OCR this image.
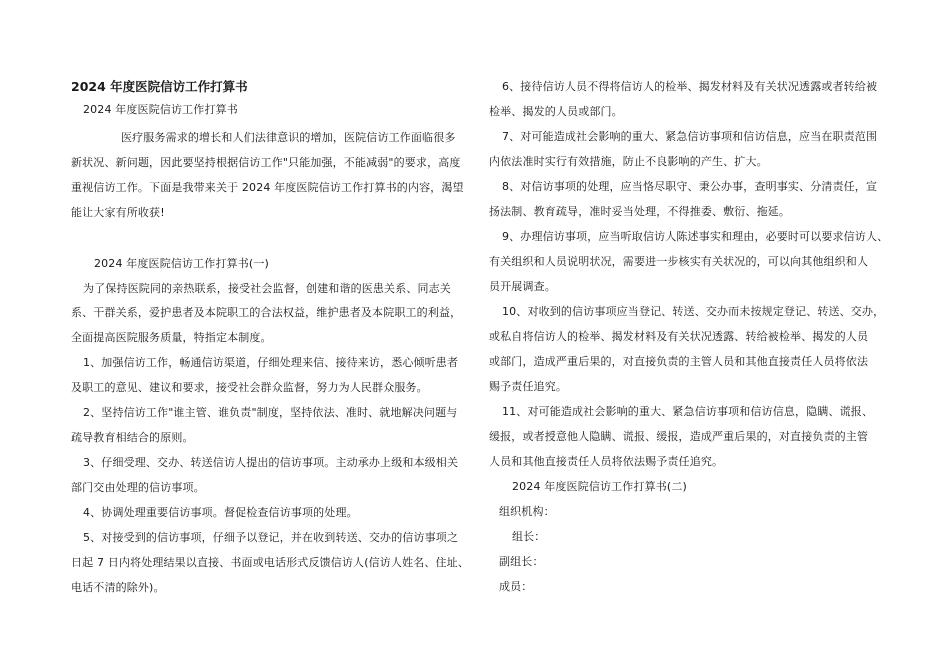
2024 年度医院信访工作打算书
2024 年度医院信访工作打算书
医疗服务需求的增长和人们法律意识的增加，医院信访工作面临很多
新状况、新问题，因此要坚持根据信访工作"只能加强，不能减弱"的要求，高度
重视信访工作。下面是我带来关于 2024 年度医院信访工作打算书的内容，渴望
能让大家有所收获!
2024 年度医院信访工作打算书(一)
为了保持医院同的亲热联系，接受社会监督，创建和谐的医患关系、同志关
系、干群关系，爱护患者及本院职工的合法权益，维护患者及本院职工的利益，
全面提高医院服务质量，特指定本制度。
1、加强信访工作，畅通信访渠道，仔细处理来信、接待来访，悉心倾听患者
及职工的意见、建议和要求，接受社会群众监督，努力为人民群众服务。
2、坚持信访工作"谁主管、谁负责"制度，坚持依法、准时、就地解决问题与
疏导教育相结合的原则。
3、仔细受理、交办、转送信访人提出的信访事项。主动承办上级和本级相关
部门交由处理的信访事项。
4、协调处理重要信访事项。督促检查信访事项的处理。
5、对接受到的信访事项，仔细予以登记，并在收到转送、交办的信访事项之
日起 7 日内将处理结果以直接、书面或电话形式反馈信访人(信访人姓名、住址、
电话不清的除外)。
6、接待信访人员不得将信访人的检举、揭发材料及有关状况透露或者转给被
检举、揭发的人员或部门。
7、对可能造成社会影响的重大、紧急信访事项和信访信息，应当在职责范围
内依法准时实行有效措施，防止不良影响的产生、扩大。
8、对信访事项的处理，应当恪尽职守、秉公办事，查明事实、分清责任，宣
扬法制、教育疏导，准时妥当处理，不得推委、敷衍、拖延。
9、办理信访事项，应当听取信访人陈述事实和理由，必要时可以要求信访人、
有关组织和人员说明状况，需要进一步核实有关状况的，可以向其他组织和人
员开展调查。
10、对收到的信访事项应当登记、转送、交办而未按规定登记、转送、交办，
或私自将信访人的检举、揭发材料及有关状况透露、转给被检举、揭发的人员
或部门，造成严重后果的，对直接负责的主管人员和其他直接责任人员将依法
赐予责任追究。
11、对可能造成社会影响的重大、紧急信访事项和信访信息，隐瞒、谎报、
缓报，或者授意他人隐瞒、谎报、缓报，造成严重后果的，对直接负责的主管
人员和其他直接责任人员将依法赐予责任追究。
2024 年度医院信访工作打算书(二)
组织机构：
组长：
副组长：
成员：
